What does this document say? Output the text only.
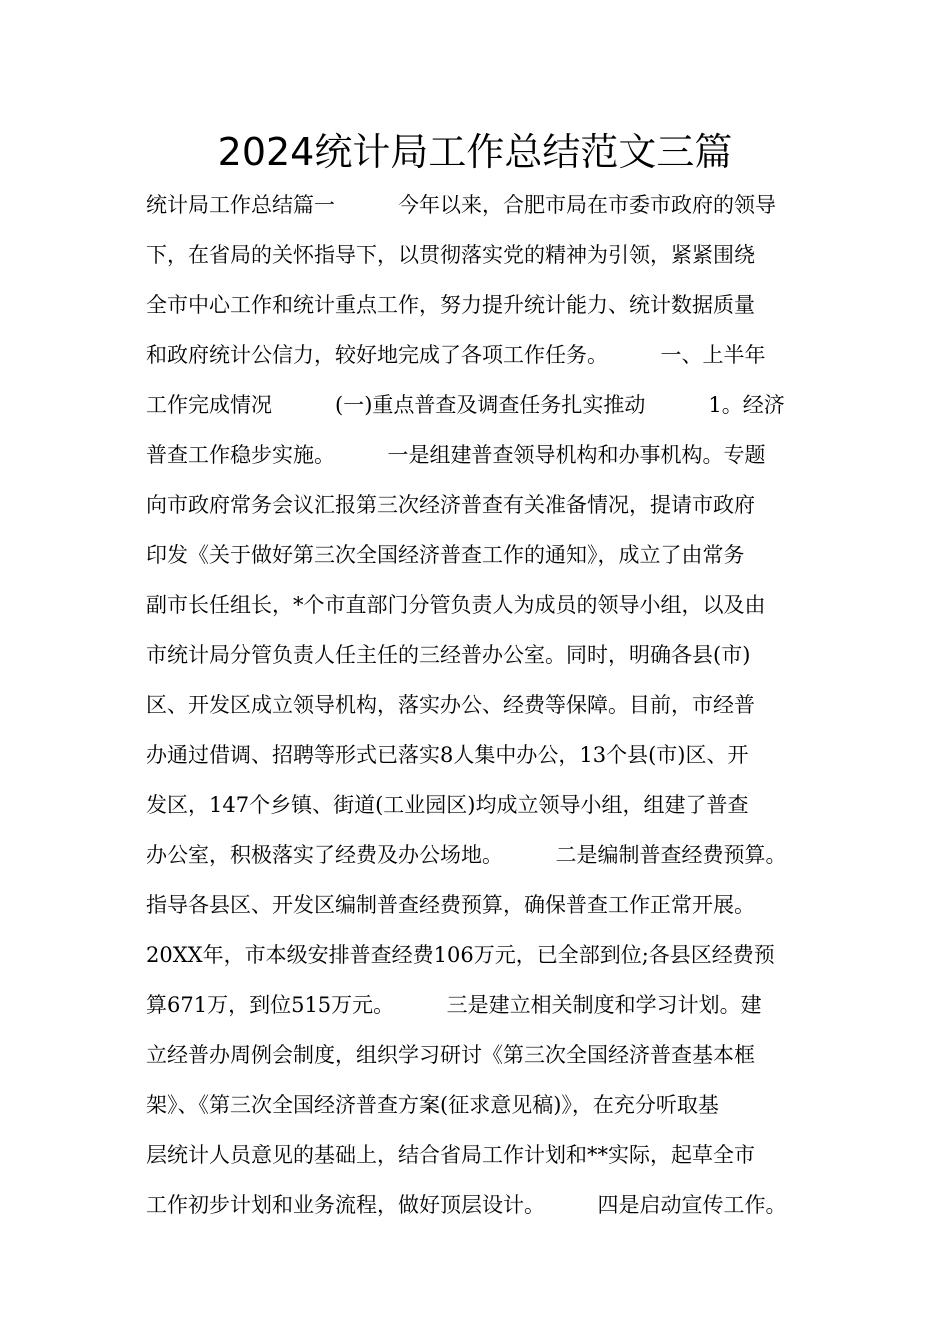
2024统计局工作总结范文三篇
统计局工作总结篇一　　　今年以来，合肥市局在市委市政府的领导
下，在省局的关怀指导下，以贯彻落实党的精神为引领，紧紧围绕
全市中心工作和统计重点工作，努力提升统计能力、统计数据质量
和政府统计公信力，较好地完成了各项工作任务。　　　一、上半年
工作完成情况　　　(一)重点普查及调查任务扎实推动　　　1。经济
普查工作稳步实施。　　　一是组建普查领导机构和办事机构。专题
向市政府常务会议汇报第三次经济普查有关准备情况，提请市政府
印发《关于做好第三次全国经济普查工作的通知》，成立了由常务
副市长任组长，*个市直部门分管负责人为成员的领导小组，以及由
市统计局分管负责人任主任的三经普办公室。同时，明确各县(市)
区、开发区成立领导机构，落实办公、经费等保障。目前，市经普
办通过借调、招聘等形式已落实8人集中办公，13个县(市)区、开
发区，147个乡镇、街道(工业园区)均成立领导小组，组建了普查
办公室，积极落实了经费及办公场地。　　　二是编制普查经费预算。
指导各县区、开发区编制普查经费预算，确保普查工作正常开展。
20XX年，市本级安排普查经费106万元，已全部到位;各县区经费预
算671万，到位515万元。　　　三是建立相关制度和学习计划。建
立经普办周例会制度，组织学习研讨《第三次全国经济普查基本框
架》、《第三次全国经济普查方案(征求意见稿)》，在充分听取基
层统计人员意见的基础上，结合省局工作计划和**实际，起草全市
工作初步计划和业务流程，做好顶层设计。　　　四是启动宣传工作。
